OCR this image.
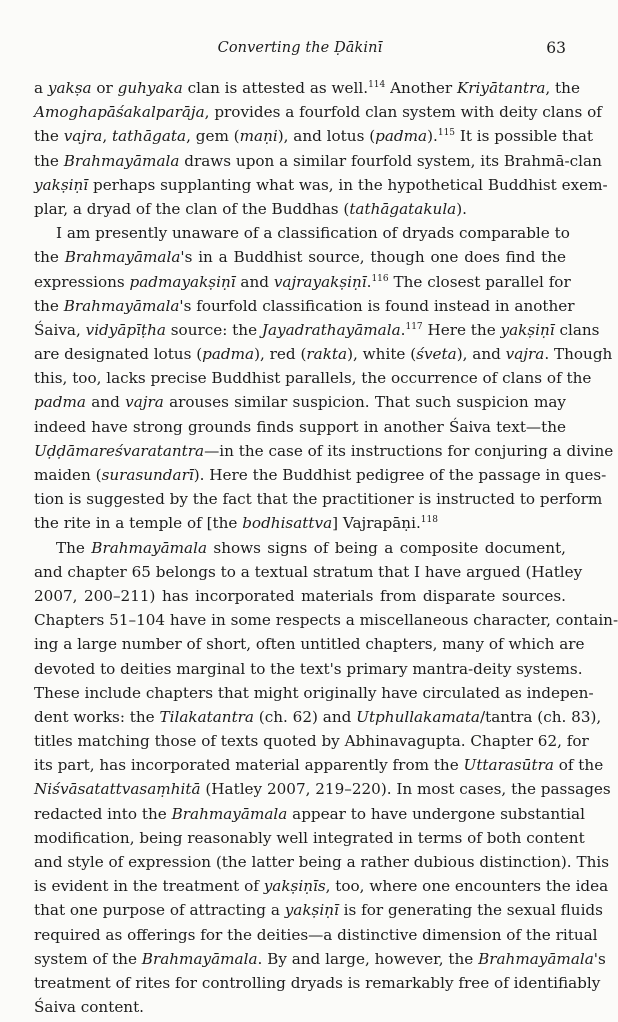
Converting the Ḍākinī	63
a yakṣa or guhyaka clan is attested as well.$^{114}$ Another Kriyātantra, the
Amoghapāśakalparāja, provides a fourfold clan system with deity clans of
the vajra, tathāgata, gem (maṇi), and lotus (padma).$^{115}$ It is possible that
the Brahmayāmala draws upon a similar fourfold system, its Brahmā-clan
yakṣiṇī perhaps supplanting what was, in the hypothetical Buddhist exem-
plar, a dryad of the clan of the Buddhas (tathāgatakula).
I am presently unaware of a classification of dryads comparable to
the Brahmayāmala's in a Buddhist source, though one does find the
expressions padmayakṣiṇī and vajrayakṣiṇī.$^{116}$ The closest parallel for
the Brahmayāmala's fourfold classification is found instead in another
Śaiva, vidyāpīṭha source: the Jayadrathayāmala.$^{117}$ Here the yakṣiṇī clans
are designated lotus (padma), red (rakta), white (śveta), and vajra. Though
this, too, lacks precise Buddhist parallels, the occurrence of clans of the
padma and vajra arouses similar suspicion. That such suspicion may
indeed have strong grounds finds support in another Śaiva text—the
Uḍḍāmareśvaratantra—in the case of its instructions for conjuring a divine
maiden (surasundarī). Here the Buddhist pedigree of the passage in ques-
tion is suggested by the fact that the practitioner is instructed to perform
the rite in a temple of [the bodhisattva] Vajrapāṇi.$^{118}$
The Brahmayāmala shows signs of being a composite document,
and chapter 65 belongs to a textual stratum that I have argued (Hatley
2007, 200–211) has incorporated materials from disparate sources.
Chapters 51–104 have in some respects a miscellaneous character, contain-
ing a large number of short, often untitled chapters, many of which are
devoted to deities marginal to the text's primary mantra-deity systems.
These include chapters that might originally have circulated as indepen-
dent works: the Tilakatantra (ch. 62) and Utphullakamata/tantra (ch. 83),
titles matching those of texts quoted by Abhinavagupta. Chapter 62, for
its part, has incorporated material apparently from the Uttarasūtra of the
Niśvāsatattvasaṃhitā (Hatley 2007, 219–220). In most cases, the passages
redacted into the Brahmayāmala appear to have undergone substantial
modification, being reasonably well integrated in terms of both content
and style of expression (the latter being a rather dubious distinction). This
is evident in the treatment of yakṣiṇīs, too, where one encounters the idea
that one purpose of attracting a yakṣiṇī is for generating the sexual fluids
required as offerings for the deities—a distinctive dimension of the ritual
system of the Brahmayāmala. By and large, however, the Brahmayāmala's
treatment of rites for controlling dryads is remarkably free of identifiably
Śaiva content.
